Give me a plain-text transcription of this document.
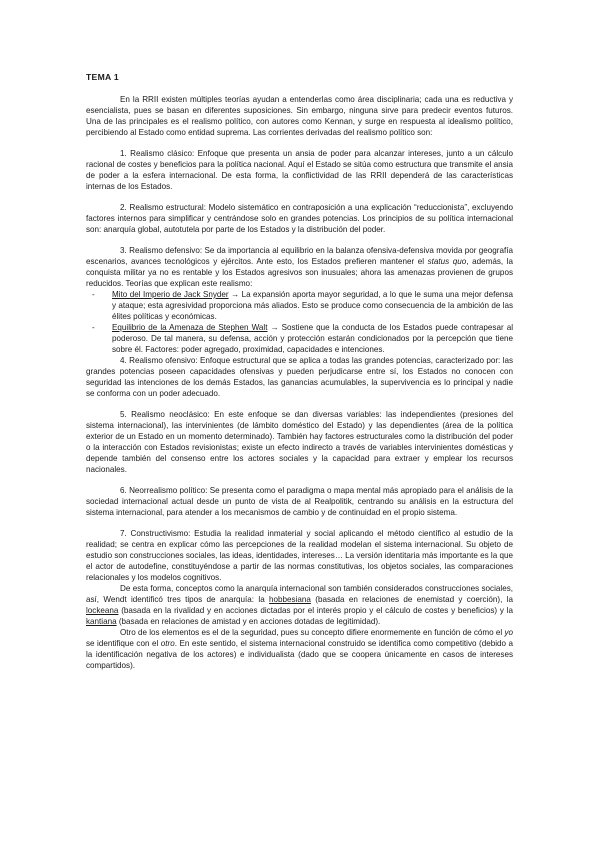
TEMA 1

En la RRII existen múltiples teorías ayudan a entenderlas como área disciplinaria; cada una es reductiva y esencialista, pues se basan en diferentes suposiciones. Sin embargo, ninguna sirve para predecir eventos futuros. Una de las principales es el realismo político, con autores como Kennan, y surge en respuesta al idealismo político, percibiendo al Estado como entidad suprema. Las corrientes derivadas del realismo político son:

1. Realismo clásico: Enfoque que presenta un ansia de poder para alcanzar intereses, junto a un cálculo racional de costes y beneficios para la política nacional. Aquí el Estado se sitúa como estructura que transmite el ansia de poder a la esfera internacional. De esta forma, la conflictividad de las RRII dependerá de las características internas de los Estados.

2. Realismo estructural: Modelo sistemático en contraposición a una explicación “reduccionista”, excluyendo factores internos para simplificar y centrándose solo en grandes potencias. Los principios de su política internacional son: anarquía global, autotutela por parte de los Estados y la distribución del poder.

3. Realismo defensivo: Se da importancia al equilibrio en la balanza ofensiva-defensiva movida por geografía escenarios, avances tecnológicos y ejércitos. Ante esto, los Estados prefieren mantener el status quo, además, la conquista militar ya no es rentable y los Estados agresivos son inusuales; ahora las amenazas provienen de grupos reducidos. Teorías que explican este realismo:

- Mito del Imperio de Jack Snyder → La expansión aporta mayor seguridad, a lo que le suma una mejor defensa y ataque; esta agresividad proporciona más aliados. Esto se produce como consecuencia de la ambición de las élites políticas y económicas.
- Equilibrio de la Amenaza de Stephen Walt → Sostiene que la conducta de los Estados puede contrapesar al poderoso. De tal manera, su defensa, acción y protección estarán condicionados por la percepción que tiene sobre él. Factores: poder agregado, proximidad, capacidades e intenciones.

4. Realismo ofensivo: Enfoque estructural que se aplica a todas las grandes potencias, caracterizado por: las grandes potencias poseen capacidades ofensivas y pueden perjudicarse entre sí, los Estados no conocen con seguridad las intenciones de los demás Estados, las ganancias acumulables, la supervivencia es lo principal y nadie se conforma con un poder adecuado.

5. Realismo neoclásico: En este enfoque se dan diversas variables: las independientes (presiones del sistema internacional), las intervinientes (de lámbito doméstico del Estado) y las dependientes (área de la política exterior de un Estado en un momento determinado). También hay factores estructurales como la distribución del poder o la interacción con Estados revisionistas; existe un efecto indirecto a través de variables intervinientes domésticas y depende también del consenso entre los actores sociales y la capacidad para extraer y emplear los recursos nacionales.

6. Neorrealismo político: Se presenta como el paradigma o mapa mental más apropiado para el análisis de la sociedad internacional actual desde un punto de vista de al Realpolitik, centrando su análisis en la estructura del sistema internacional, para atender a los mecanismos de cambio y de continuidad en el propio sistema.

7. Constructivismo: Estudia la realidad inmaterial y social aplicando el método científico al estudio de la realidad; se centra en explicar cómo las percepciones de la realidad modelan el sistema internacional. Su objeto de estudio son construcciones sociales, las ideas, identidades, intereses… La versión identitaria más importante es la que el actor de autodefine, constituyéndose a partir de las normas constitutivas, los objetos sociales, las comparaciones relacionales y los modelos cognitivos.

De esta forma, conceptos como la anarquía internacional son también considerados construcciones sociales, así, Wendt identificó tres tipos de anarquía: la hobbesiana (basada en relaciones de enemistad y coerción), la lockeana (basada en la rivalidad y en acciones dictadas por el interés propio y el cálculo de costes y beneficios) y la kantiana (basada en relaciones de amistad y en acciones dotadas de legitimidad).

Otro de los elementos es el de la seguridad, pues su concepto difiere enormemente en función de cómo el yo se identifique con el otro. En este sentido, el sistema internacional construido se identifica como competitivo (debido a la identificación negativa de los actores) e individualista (dado que se coopera únicamente en casos de intereses compartidos).
